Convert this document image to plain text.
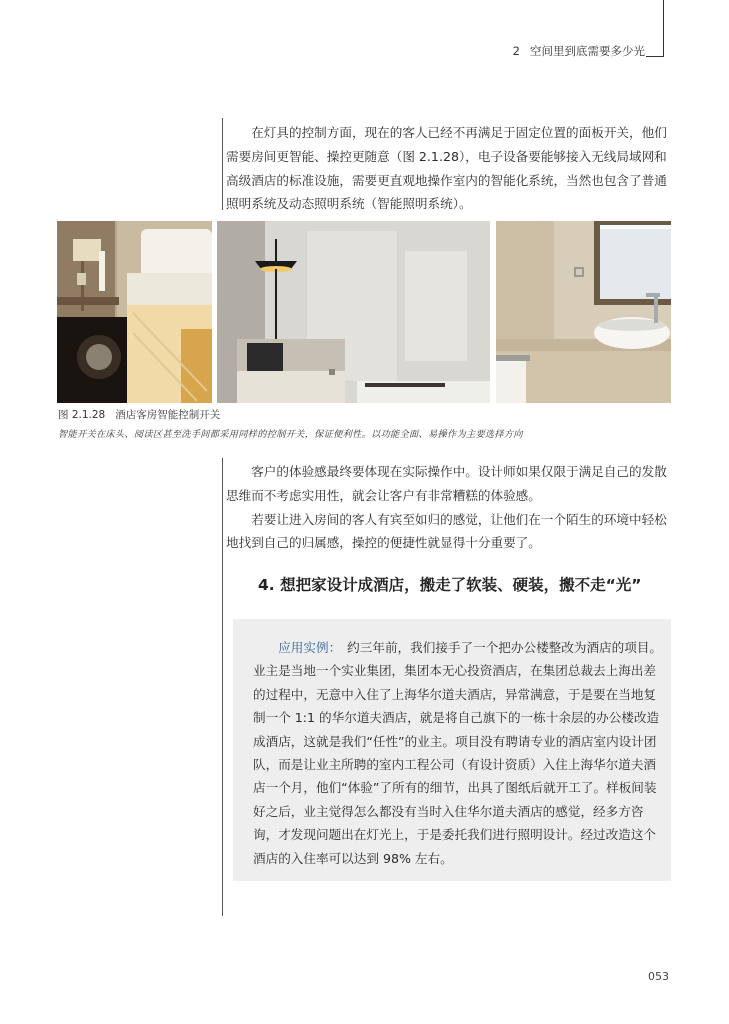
2 空间里到底需要多少光

在灯具的控制方面，现在的客人已经不再满足于固定位置的面板开关，他们需要房间更智能、操控更随意（图 2.1.28），电子设备要能够接入无线局域网和高级酒店的标准设施，需要更直观地操作室内的智能化系统，当然也包含了普通照明系统及动态照明系统（智能照明系统）。

图 2.1.28 酒店客房智能控制开关
智能开关在床头、阅读区甚至洗手间都采用同样的控制开关，保证便利性。以功能全面、易操作为主要选择方向

客户的体验感最终要体现在实际操作中。设计师如果仅限于满足自己的发散思维而不考虑实用性，就会让客户有非常糟糕的体验感。

若要让进入房间的客人有宾至如归的感觉，让他们在一个陌生的环境中轻松地找到自己的归属感，操控的便捷性就显得十分重要了。

4. 想把家设计成酒店，搬走了软装、硬装，搬不走“光”

应用实例： 约三年前，我们接手了一个把办公楼整改为酒店的项目。业主是当地一个实业集团，集团本无心投资酒店，在集团总裁去上海出差的过程中，无意中入住了上海华尔道夫酒店，异常满意，于是要在当地复制一个 1:1 的华尔道夫酒店，就是将自己旗下的一栋十余层的办公楼改造成酒店，这就是我们“任性”的业主。项目没有聘请专业的酒店室内设计团队，而是让业主所聘的室内工程公司（有设计资质）入住上海华尔道夫酒店一个月，他们“体验”了所有的细节，出具了图纸后就开工了。样板间装好之后，业主觉得怎么都没有当时入住华尔道夫酒店的感觉，经多方咨询，才发现问题出在灯光上，于是委托我们进行照明设计。经过改造这个酒店的入住率可以达到 98% 左右。

053
